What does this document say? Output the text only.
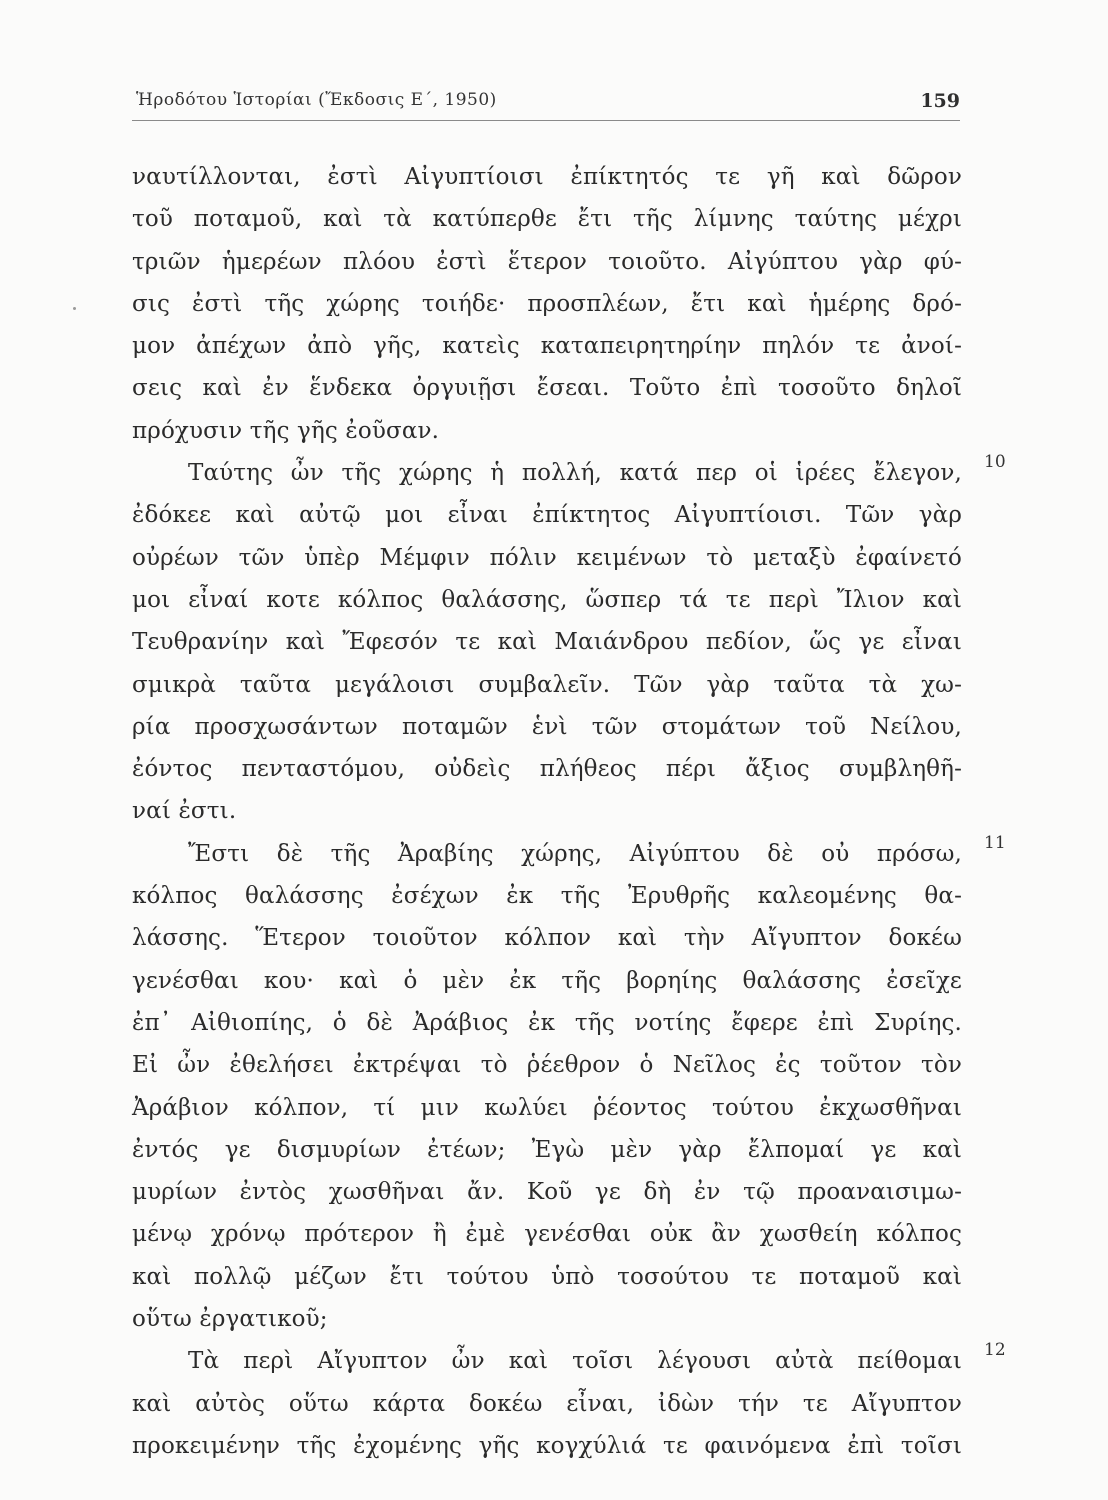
Ἡροδότου Ἱστορίαι (Ἔκδοσις Ε΄, 1950)	159
ναυτίλλονται, ἐστὶ Αἰγυπτίοισι ἐπίκτητός τε γῆ καὶ δῶρον
τοῦ ποταμοῦ, καὶ τὰ κατύπερθε ἔτι τῆς λίμνης ταύτης μέχρι
τριῶν ἡμερέων πλόου ἐστὶ ἕτερον τοιοῦτο. Αἰγύπτου γὰρ φύ-
σις ἐστὶ τῆς χώρης τοιήδε· προσπλέων, ἔτι καὶ ἡμέρης δρό-
μον ἀπέχων ἀπὸ γῆς, κατεὶς καταπειρητηρίην πηλόν τε ἀνοί-
σεις καὶ ἐν ἕνδεκα ὀργυιῇσι ἔσεαι. Τοῦτο ἐπὶ τοσοῦτο δηλοῖ
πρόχυσιν τῆς γῆς ἐοῦσαν.
Ταύτης ὦν τῆς χώρης ἡ πολλή, κατά περ οἱ ἱρέες ἔλεγον, 10
ἐδόκεε καὶ αὐτῷ μοι εἶναι ἐπίκτητος Αἰγυπτίοισι. Τῶν γὰρ
οὐρέων τῶν ὑπὲρ Μέμφιν πόλιν κειμένων τὸ μεταξὺ ἐφαίνετό
μοι εἶναί κοτε κόλπος θαλάσσης, ὥσπερ τά τε περὶ Ἴλιον καὶ
Τευθρανίην καὶ Ἔφεσόν τε καὶ Μαιάνδρου πεδίον, ὥς γε εἶναι
σμικρὰ ταῦτα μεγάλοισι συμβαλεῖν. Τῶν γὰρ ταῦτα τὰ χω-
ρία προσχωσάντων ποταμῶν ἑνὶ τῶν στομάτων τοῦ Νείλου,
ἐόντος πενταστόμου, οὐδεὶς πλήθεος πέρι ἄξιος συμβληθῆ-
ναί ἐστι.
Ἔστι δὲ τῆς Ἀραβίης χώρης, Αἰγύπτου δὲ οὐ πρόσω, 11
κόλπος θαλάσσης ἐσέχων ἐκ τῆς Ἐρυθρῆς καλεομένης θα-
λάσσης. Ἕτερον τοιοῦτον κόλπον καὶ τὴν Αἴγυπτον δοκέω
γενέσθαι κου· καὶ ὁ μὲν ἐκ τῆς βορηίης θαλάσσης ἐσεῖχε
ἐπ᾽ Αἰθιοπίης, ὁ δὲ Ἀράβιος ἐκ τῆς νοτίης ἔφερε ἐπὶ Συρίης.
Εἰ ὦν ἐθελήσει ἐκτρέψαι τὸ ῥέεθρον ὁ Νεῖλος ἐς τοῦτον τὸν
Ἀράβιον κόλπον, τί μιν κωλύει ῥέοντος τούτου ἐκχωσθῆναι
ἐντός γε δισμυρίων ἐτέων; Ἐγὼ μὲν γὰρ ἔλπομαί γε καὶ
μυρίων ἐντὸς χωσθῆναι ἄν. Κοῦ γε δὴ ἐν τῷ προαναισιμω-
μένῳ χρόνῳ πρότερον ἢ ἐμὲ γενέσθαι οὐκ ἂν χωσθείη κόλπος
καὶ πολλῷ μέζων ἔτι τούτου ὑπὸ τοσούτου τε ποταμοῦ καὶ
οὕτω ἐργατικοῦ;
Τὰ περὶ Αἴγυπτον ὦν καὶ τοῖσι λέγουσι αὐτὰ πείθομαι 12
καὶ αὐτὸς οὕτω κάρτα δοκέω εἶναι, ἰδὼν τήν τε Αἴγυπτον
προκειμένην τῆς ἐχομένης γῆς κογχύλιά τε φαινόμενα ἐπὶ τοῖσι
